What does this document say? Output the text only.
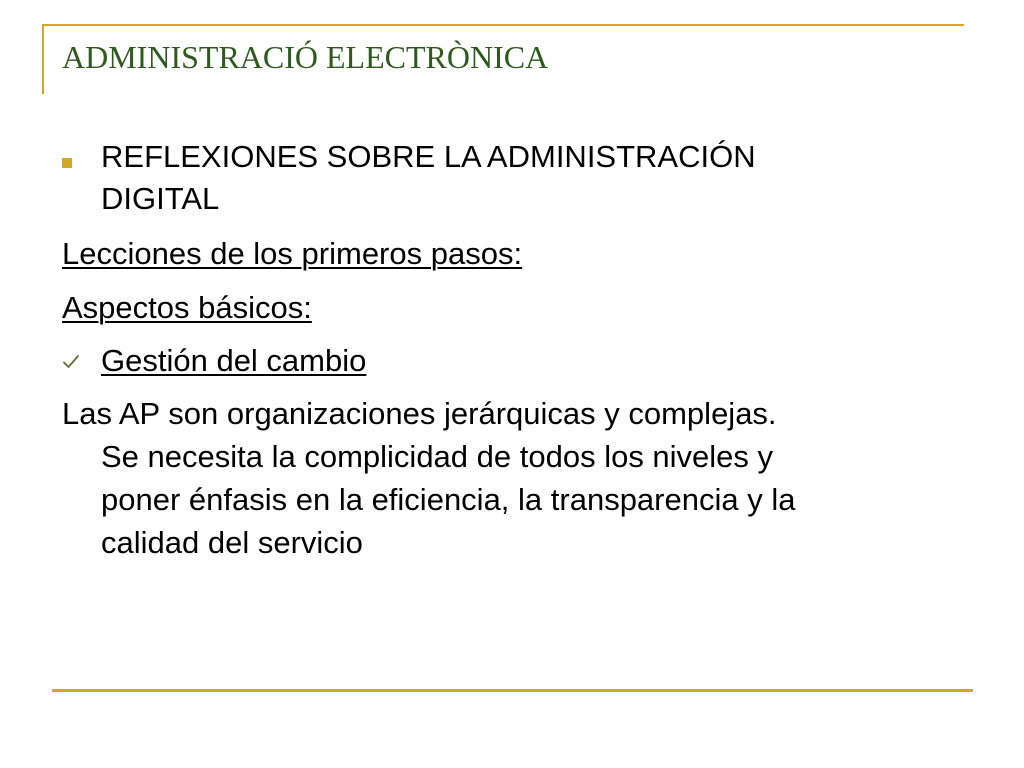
ADMINISTRACIÓ ELECTRÒNICA
REFLEXIONES SOBRE LA ADMINISTRACIÓN
DIGITAL
Lecciones de los primeros pasos:
Aspectos básicos:
Gestión del cambio
Las AP son organizaciones jerárquicas y complejas.
Se necesita la complicidad de todos los niveles y
poner énfasis en la eficiencia, la transparencia y la
calidad del servicio
